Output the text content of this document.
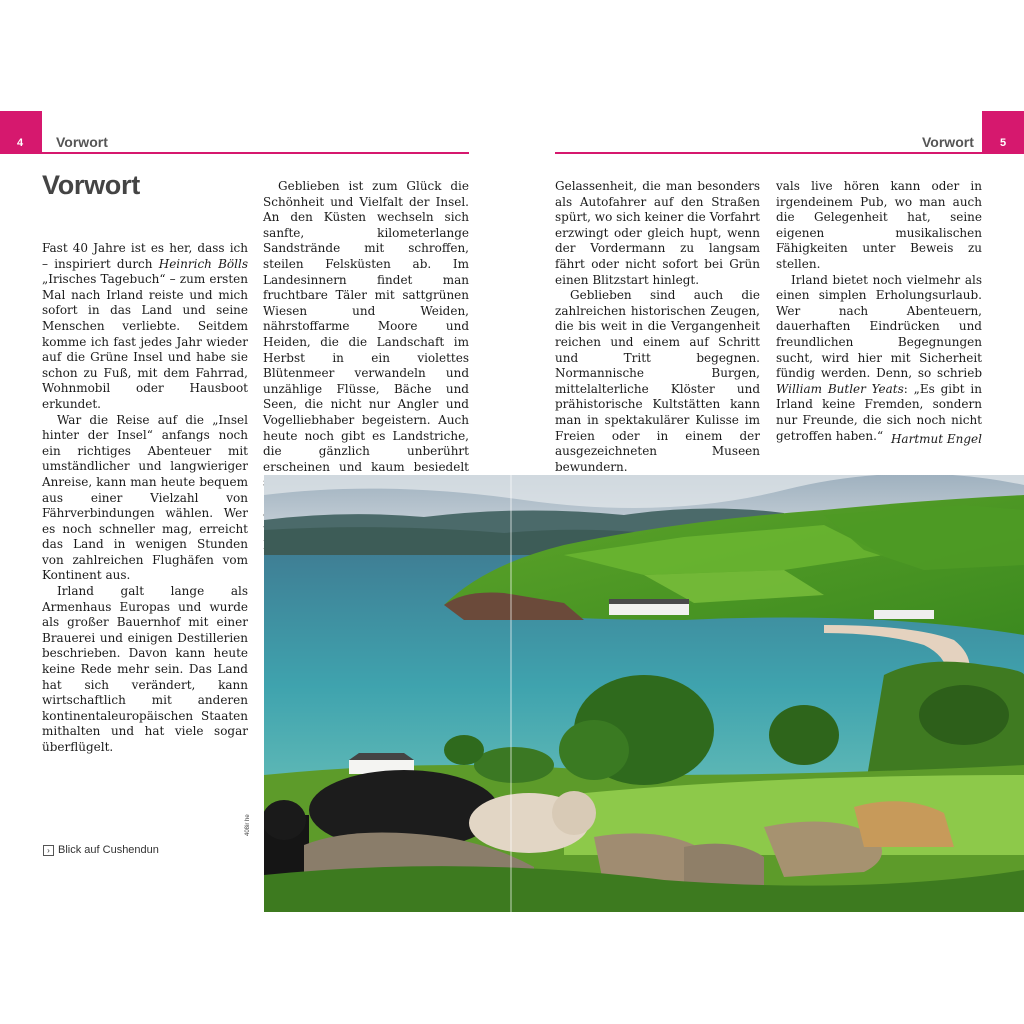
4 Vorwort	5
Vorwort
Vorwort

Fast 40 Jahre ist es her, dass ich – inspiriert durch Heinrich Bölls „Irisches Tagebuch“ – zum ersten Mal nach Irland reiste und mich sofort in das Land und seine Menschen verliebte. Seitdem komme ich fast jedes Jahr wieder auf die Grüne Insel und habe sie schon zu Fuß, mit dem Fahrrad, Wohnmobil oder Hausboot erkundet.

War die Reise auf die „Insel hinter der Insel“ anfangs noch ein richtiges Abenteuer mit umständlicher und langwieriger Anreise, kann man heute bequem aus einer Vielzahl von Fährverbindungen wählen. Wer es noch schneller mag, erreicht das Land in wenigen Stunden von zahlreichen Flughäfen vom Kontinent aus.

Irland galt lange als Armenhaus Europas und wurde als großer Bauernhof mit einer Brauerei und einigen Destillerien beschrieben. Davon kann heute keine Rede mehr sein. Das Land hat sich verändert, kann wirtschaftlich mit anderen kontinentaleuropäischen Staaten mithalten und hat viele sogar überflügelt.

Geblieben ist zum Glück die Schönheit und Vielfalt der Insel. An den Küsten wechseln sich sanfte, kilometerlange Sandstrände mit schroffen, steilen Felsküsten ab. Im Landesinnern findet man fruchtbare Täler mit sattgrünen Wiesen und Weiden, nährstoffarme Moore und Heiden, die die Landschaft im Herbst in ein violettes Blütenmeer verwandeln und unzählige Flüsse, Bäche und Seen, die nicht nur Angler und Vogelliebhaber begeistern. Auch heute noch gibt es Landstriche, die gänzlich unberührt erscheinen und kaum besiedelt

Gelassenheit, die man besonders als Autofahrer auf den Straßen spürt, wo sich keiner die Vorfahrt erzwingt oder gleich hupt, wenn der Vordermann zu langsam fährt oder nicht sofort bei Grün einen Blitzstart hinlegt.

Geblieben sind auch die zahlreichen historischen Zeugen, die bis weit in die Vergangenheit reichen und einem auf Schritt und Tritt begegnen. Normannische Burgen, mittelalterliche Klöster und prähistorische Kultstätten kann man in spektakulärer Kulisse im Freien oder in einem der ausgezeichneten Museen bewundern.

vals live hören kann oder in irgendeinem Pub, wo man auch die Gelegenheit hat, seine eigenen musikalischen Fähigkeiten unter Beweis zu stellen.

Irland bietet noch vielmehr als einen simplen Erholungsurlaub. Wer nach Abenteuern, dauerhaften Eindrücken und freundlichen Begegnungen sucht, wird hier mit Sicherheit fündig werden. Denn, so schrieb William Butler Yeats: „Es gibt in Irland keine Fremden, sondern nur Freunde, die sich noch nicht getroffen haben.“ Hartmut Engel
› Blick auf Cushendun
408ir he
